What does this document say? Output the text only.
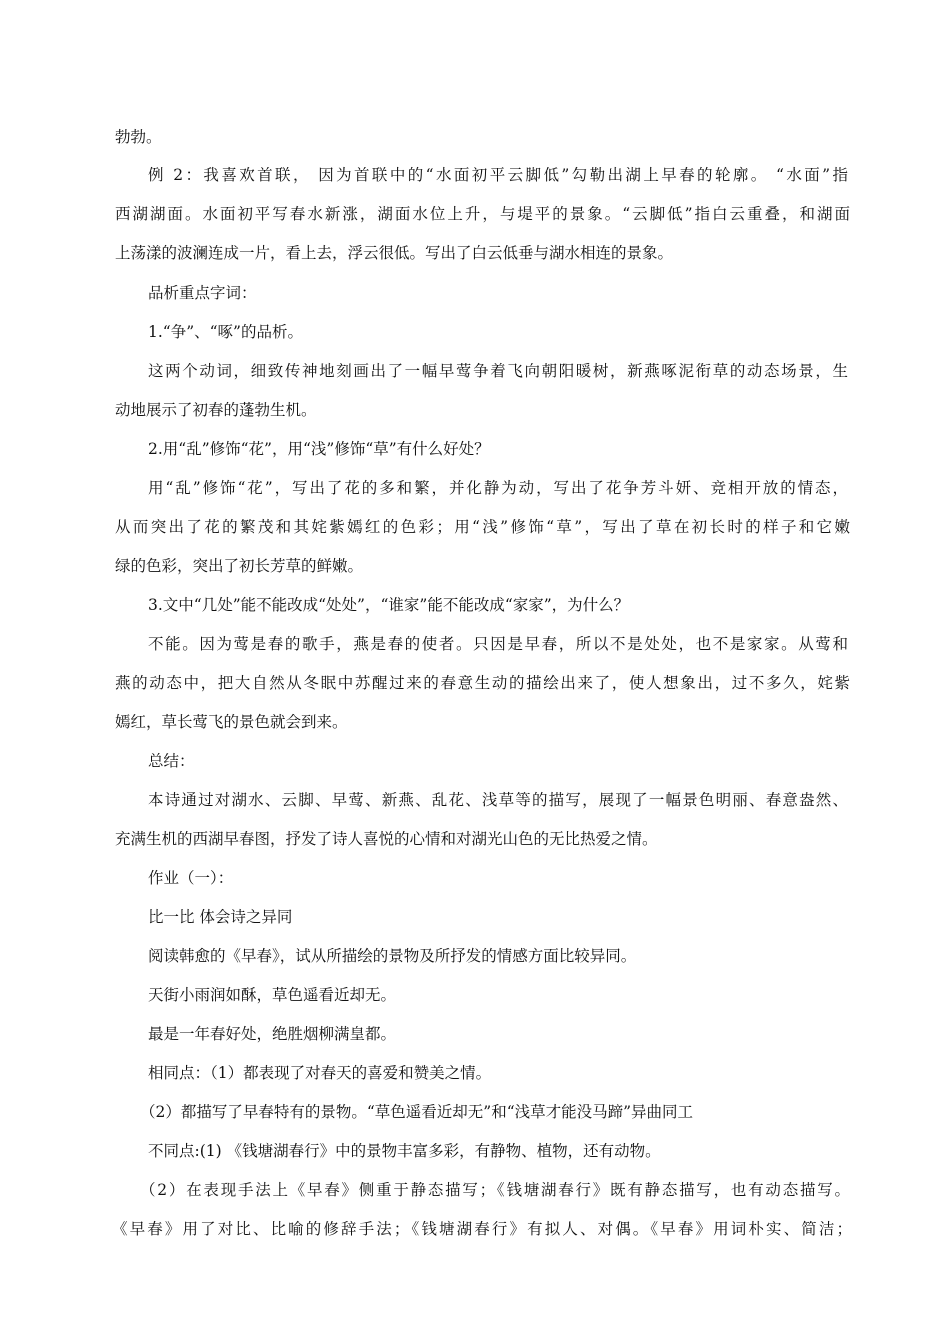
勃勃。
例 2：我喜欢首联， 因为首联中的“水面初平云脚低”勾勒出湖上早春的轮廓。 “水面”指
西湖湖面。水面初平写春水新涨，湖面水位上升，与堤平的景象。“云脚低”指白云重叠，和湖面
上荡漾的波澜连成一片，看上去，浮云很低。写出了白云低垂与湖水相连的景象。
品析重点字词：
1.“争”、“啄”的品析。
这两个动词，细致传神地刻画出了一幅早莺争着飞向朝阳暖树，新燕啄泥衔草的动态场景，生
动地展示了初春的蓬勃生机。
2.用“乱”修饰“花”，用“浅”修饰“草”有什么好处？
用“乱”修饰“花”，写出了花的多和繁，并化静为动，写出了花争芳斗妍、竞相开放的情态，
从而突出了花的繁茂和其姹紫嫣红的色彩；用“浅”修饰“草”，写出了草在初长时的样子和它嫩
绿的色彩，突出了初长芳草的鲜嫩。
3.文中“几处”能不能改成“处处”，“谁家”能不能改成“家家”，为什么？
不能。因为莺是春的歌手，燕是春的使者。只因是早春，所以不是处处，也不是家家。从莺和
燕的动态中，把大自然从冬眠中苏醒过来的春意生动的描绘出来了，使人想象出，过不多久，姹紫
嫣红，草长莺飞的景色就会到来。
总结：
本诗通过对湖水、云脚、早莺、新燕、乱花、浅草等的描写，展现了一幅景色明丽、春意盎然、
充满生机的西湖早春图，抒发了诗人喜悦的心情和对湖光山色的无比热爱之情。
作业（一）：
比一比 体会诗之异同
阅读韩愈的《早春》，试从所描绘的景物及所抒发的情感方面比较异同。
天街小雨润如酥，草色遥看近却无。
最是一年春好处，绝胜烟柳满皇都。
相同点：（1）都表现了对春天的喜爱和赞美之情。
（2）都描写了早春特有的景物。“草色遥看近却无”和“浅草才能没马蹄”异曲同工
不同点:(1) 《钱塘湖春行》中的景物丰富多彩，有静物、植物，还有动物。
（2）在表现手法上《早春》侧重于静态描写；《钱塘湖春行》既有静态描写，也有动态描写。
《早春》用了对比、比喻的修辞手法；《钱塘湖春行》有拟人、对偶。《早春》用词朴实、简洁；
